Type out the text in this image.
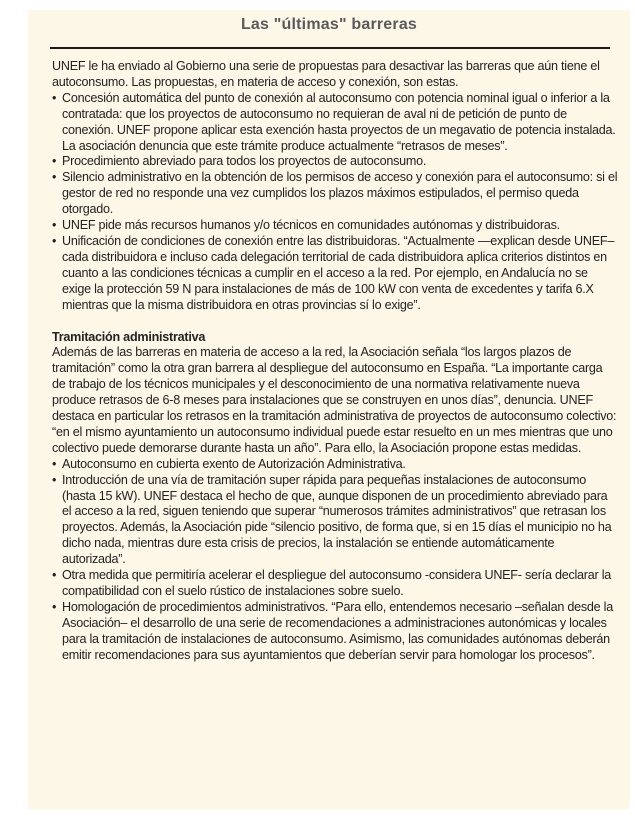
Las "últimas" barreras

UNEF le ha enviado al Gobierno una serie de propuestas para desactivar las barreras que aún tiene el autoconsumo. Las propuestas, en materia de acceso y conexión, son estas.

• Concesión automática del punto de conexión al autoconsumo con potencia nominal igual o inferior a la contratada: que los proyectos de autoconsumo no requieran de aval ni de petición de punto de conexión. UNEF propone aplicar esta exención hasta proyectos de un megavatio de potencia instalada. La asociación denuncia que este trámite produce actualmente “retrasos de meses”.
• Procedimiento abreviado para todos los proyectos de autoconsumo.
• Silencio administrativo en la obtención de los permisos de acceso y conexión para el autoconsumo: si el gestor de red no responde una vez cumplidos los plazos máximos estipulados, el permiso queda otorgado.
• UNEF pide más recursos humanos y/o técnicos en comunidades autónomas y distribuidoras.
• Unificación de condiciones de conexión entre las distribuidoras. “Actualmente —explican desde UNEF– cada distribuidora e incluso cada delegación territorial de cada distribuidora aplica criterios distintos en cuanto a las condiciones técnicas a cumplir en el acceso a la red. Por ejemplo, en Andalucía no se exige la protección 59 N para instalaciones de más de 100 kW con venta de excedentes y tarifa 6.X mientras que la misma distribuidora en otras provincias sí lo exige”.

Tramitación administrativa

Además de las barreras en materia de acceso a la red, la Asociación señala “los largos plazos de tramitación” como la otra gran barrera al despliegue del autoconsumo en España. “La importante carga de trabajo de los técnicos municipales y el desconocimiento de una normativa relativamente nueva produce retrasos de 6-8 meses para instalaciones que se construyen en unos días”, denuncia. UNEF destaca en particular los retrasos en la tramitación administrativa de proyectos de autoconsumo colectivo: “en el mismo ayuntamiento un autoconsumo individual puede estar resuelto en un mes mientras que uno colectivo puede demorarse durante hasta un año”. Para ello, la Asociación propone estas medidas.

• Autoconsumo en cubierta exento de Autorización Administrativa.
• Introducción de una vía de tramitación super rápida para pequeñas instalaciones de autoconsumo (hasta 15 kW). UNEF destaca el hecho de que, aunque disponen de un procedimiento abreviado para el acceso a la red, siguen teniendo que superar “numerosos trámites administrativos” que retrasan los proyectos. Además, la Asociación pide “silencio positivo, de forma que, si en 15 días el municipio no ha dicho nada, mientras dure esta crisis de precios, la instalación se entiende automáticamente autorizada”.
• Otra medida que permitiría acelerar el despliegue del autoconsumo -considera UNEF- sería declarar la compatibilidad con el suelo rústico de instalaciones sobre suelo.
• Homologación de procedimientos administrativos. “Para ello, entendemos necesario –señalan desde la Asociación– el desarrollo de una serie de recomendaciones a administraciones autonómicas y locales para la tramitación de instalaciones de autoconsumo. Asimismo, las comunidades autónomas deberán emitir recomendaciones para sus ayuntamientos que deberían servir para homologar los procesos”.
